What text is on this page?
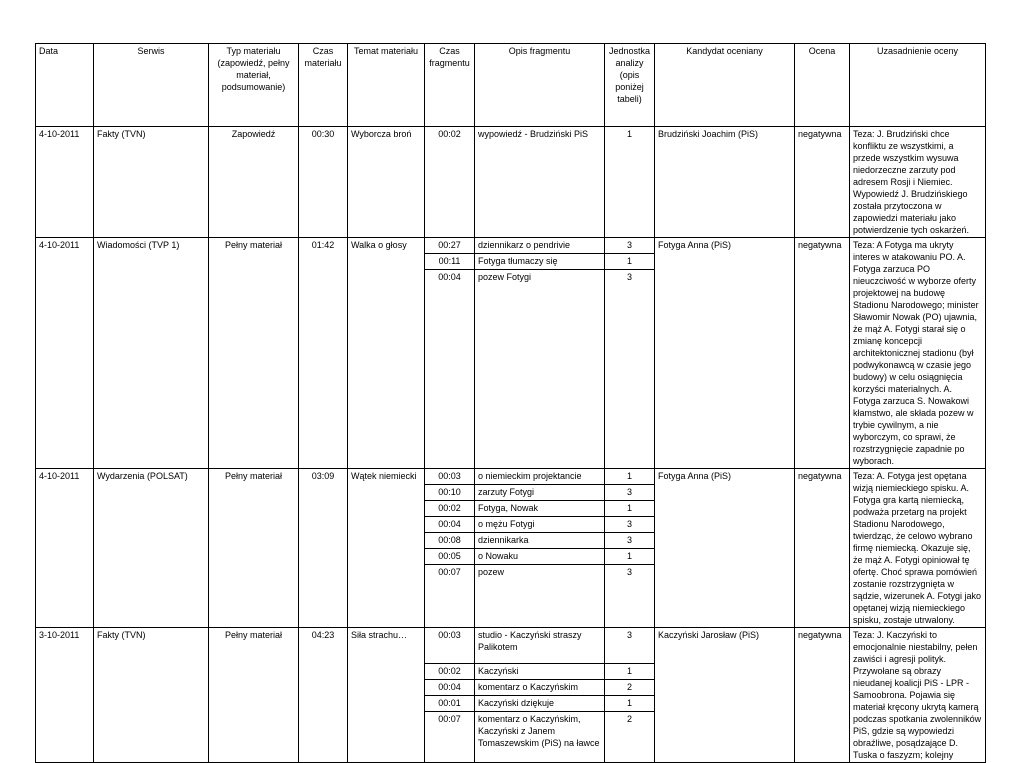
Data	Serwis	Typ materiału (zapowiedź, pełny materiał, podsumowanie)	Czas materiału	Temat materiału	Czas fragmentu	Opis fragmentu	Jednostka analizy (opis poniżej tabeli)	Kandydat oceniany	Ocena	Uzasadnienie oceny
4-10-2011	Fakty (TVN)	Zapowiedź	00:30	Wyborcza broń	00:02	wypowiedź - Brudziński PiS	1	Brudziński Joachim (PiS)	negatywna	Teza: J. Brudziński chce konfliktu ze wszystkimi, a przede wszystkim wysuwa niedorzeczne zarzuty pod adresem Rosji i Niemiec. Wypowiedź J. Brudzińskiego została przytoczona w zapowiedzi materiału jako potwierdzenie tych oskarżeń.
4-10-2011	Wiadomości (TVP 1)	Pełny materiał	01:42	Walka o głosy	00:27	dziennikarz o pendrivie	3	Fotyga Anna (PiS)	negatywna	Teza: A Fotyga ma ukryty interes w atakowaniu PO. A. Fotyga zarzuca PO nieuczciwość w wyborze oferty projektowej na budowę Stadionu Narodowego; minister Sławomir Nowak (PO) ujawnia, że mąż A. Fotygi starał się o zmianę koncepcji architektonicznej stadionu (był podwykonawcą w czasie jego budowy) w celu osiągnięcia korzyści materialnych. A. Fotyga zarzuca S. Nowakowi kłamstwo, ale składa pozew w trybie cywilnym, a nie wyborczym, co sprawi, że rozstrzygnięcie zapadnie po wyborach.
					00:11	Fotyga tłumaczy się	1			
					00:04	pozew Fotygi	3			
4-10-2011	Wydarzenia (POLSAT)	Pełny materiał	03:09	Wątek niemiecki	00:03	o niemieckim projektancie	1	Fotyga Anna (PiS)	negatywna	Teza: A. Fotyga jest opętana wizją niemieckiego spisku. A. Fotyga gra kartą niemiecką, podważa przetarg na projekt Stadionu Narodowego, twierdząc, że celowo wybrano firmę niemiecką. Okazuje się, że mąż A. Fotygi opiniował tę ofertę. Choć sprawa pomówień zostanie rozstrzygnięta w sądzie, wizerunek A. Fotygi jako opętanej wizją niemieckiego spisku, zostaje utrwalony.
					00:10	zarzuty Fotygi	3			
					00:02	Fotyga, Nowak	1			
					00:04	o mężu Fotygi	3			
					00:08	dziennikarka	3			
					00:05	o Nowaku	1			
					00:07	pozew	3			
3-10-2011	Fakty (TVN)	Pełny materiał	04:23	Siła strachu…	00:03	studio - Kaczyński straszy Palikotem	3	Kaczyński Jarosław (PiS)	negatywna	Teza: J. Kaczyński to emocjonalnie niestabilny, pełen zawiści i agresji polityk. Przywołane są obrazy nieudanej koalicji PiS - LPR - Samoobrona. Pojawia się materiał kręcony ukrytą kamerą podczas spotkania zwolenników PiS, gdzie są wypowiedzi obraźliwe, posądzające D. Tuska o faszyzm; kolejny
					00:02	Kaczyński	1			
					00:04	komentarz o Kaczyńskim	2			
					00:01	Kaczyński dziękuje	1			
					00:07	komentarz o Kaczyńskim, Kaczyński z Janem Tomaszewskim (PiS) na ławce	2			
